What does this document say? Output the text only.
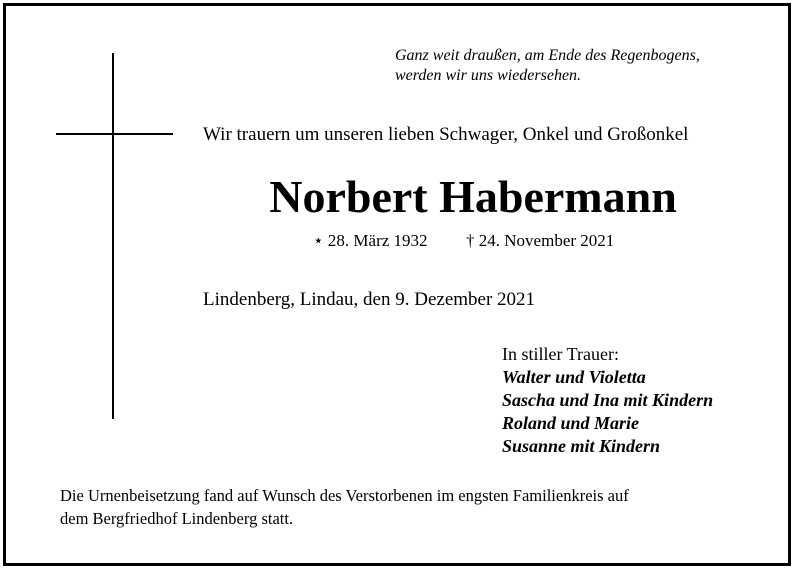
Ganz weit draußen, am Ende des Regenbogens,
werden wir uns wiedersehen.
Wir trauern um unseren lieben Schwager, Onkel und Großonkel
Norbert Habermann
⋆ 28. März 1932 † 24. November 2021
Lindenberg, Lindau, den 9. Dezember 2021
In stiller Trauer:
Walter und Violetta
Sascha und Ina mit Kindern
Roland und Marie
Susanne mit Kindern
Die Urnenbeisetzung fand auf Wunsch des Verstorbenen im engsten Familienkreis auf
dem Bergfriedhof Lindenberg statt.
